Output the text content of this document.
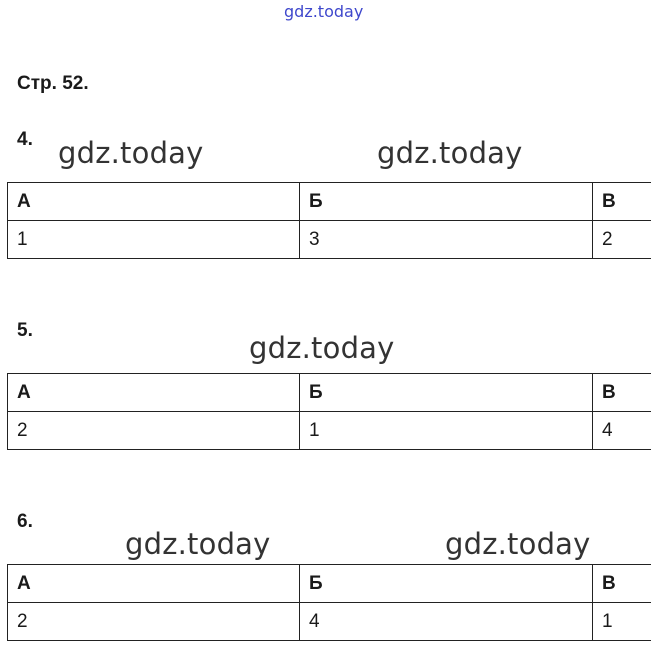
gdz.today
Стр. 52.
4. gdz.today	gdz.today
А	Б	В
1	3	2
5.
gdz.today
А	Б	В
2	1	4
6.
gdz.today	gdz.today
А	Б	В
2	4	1
